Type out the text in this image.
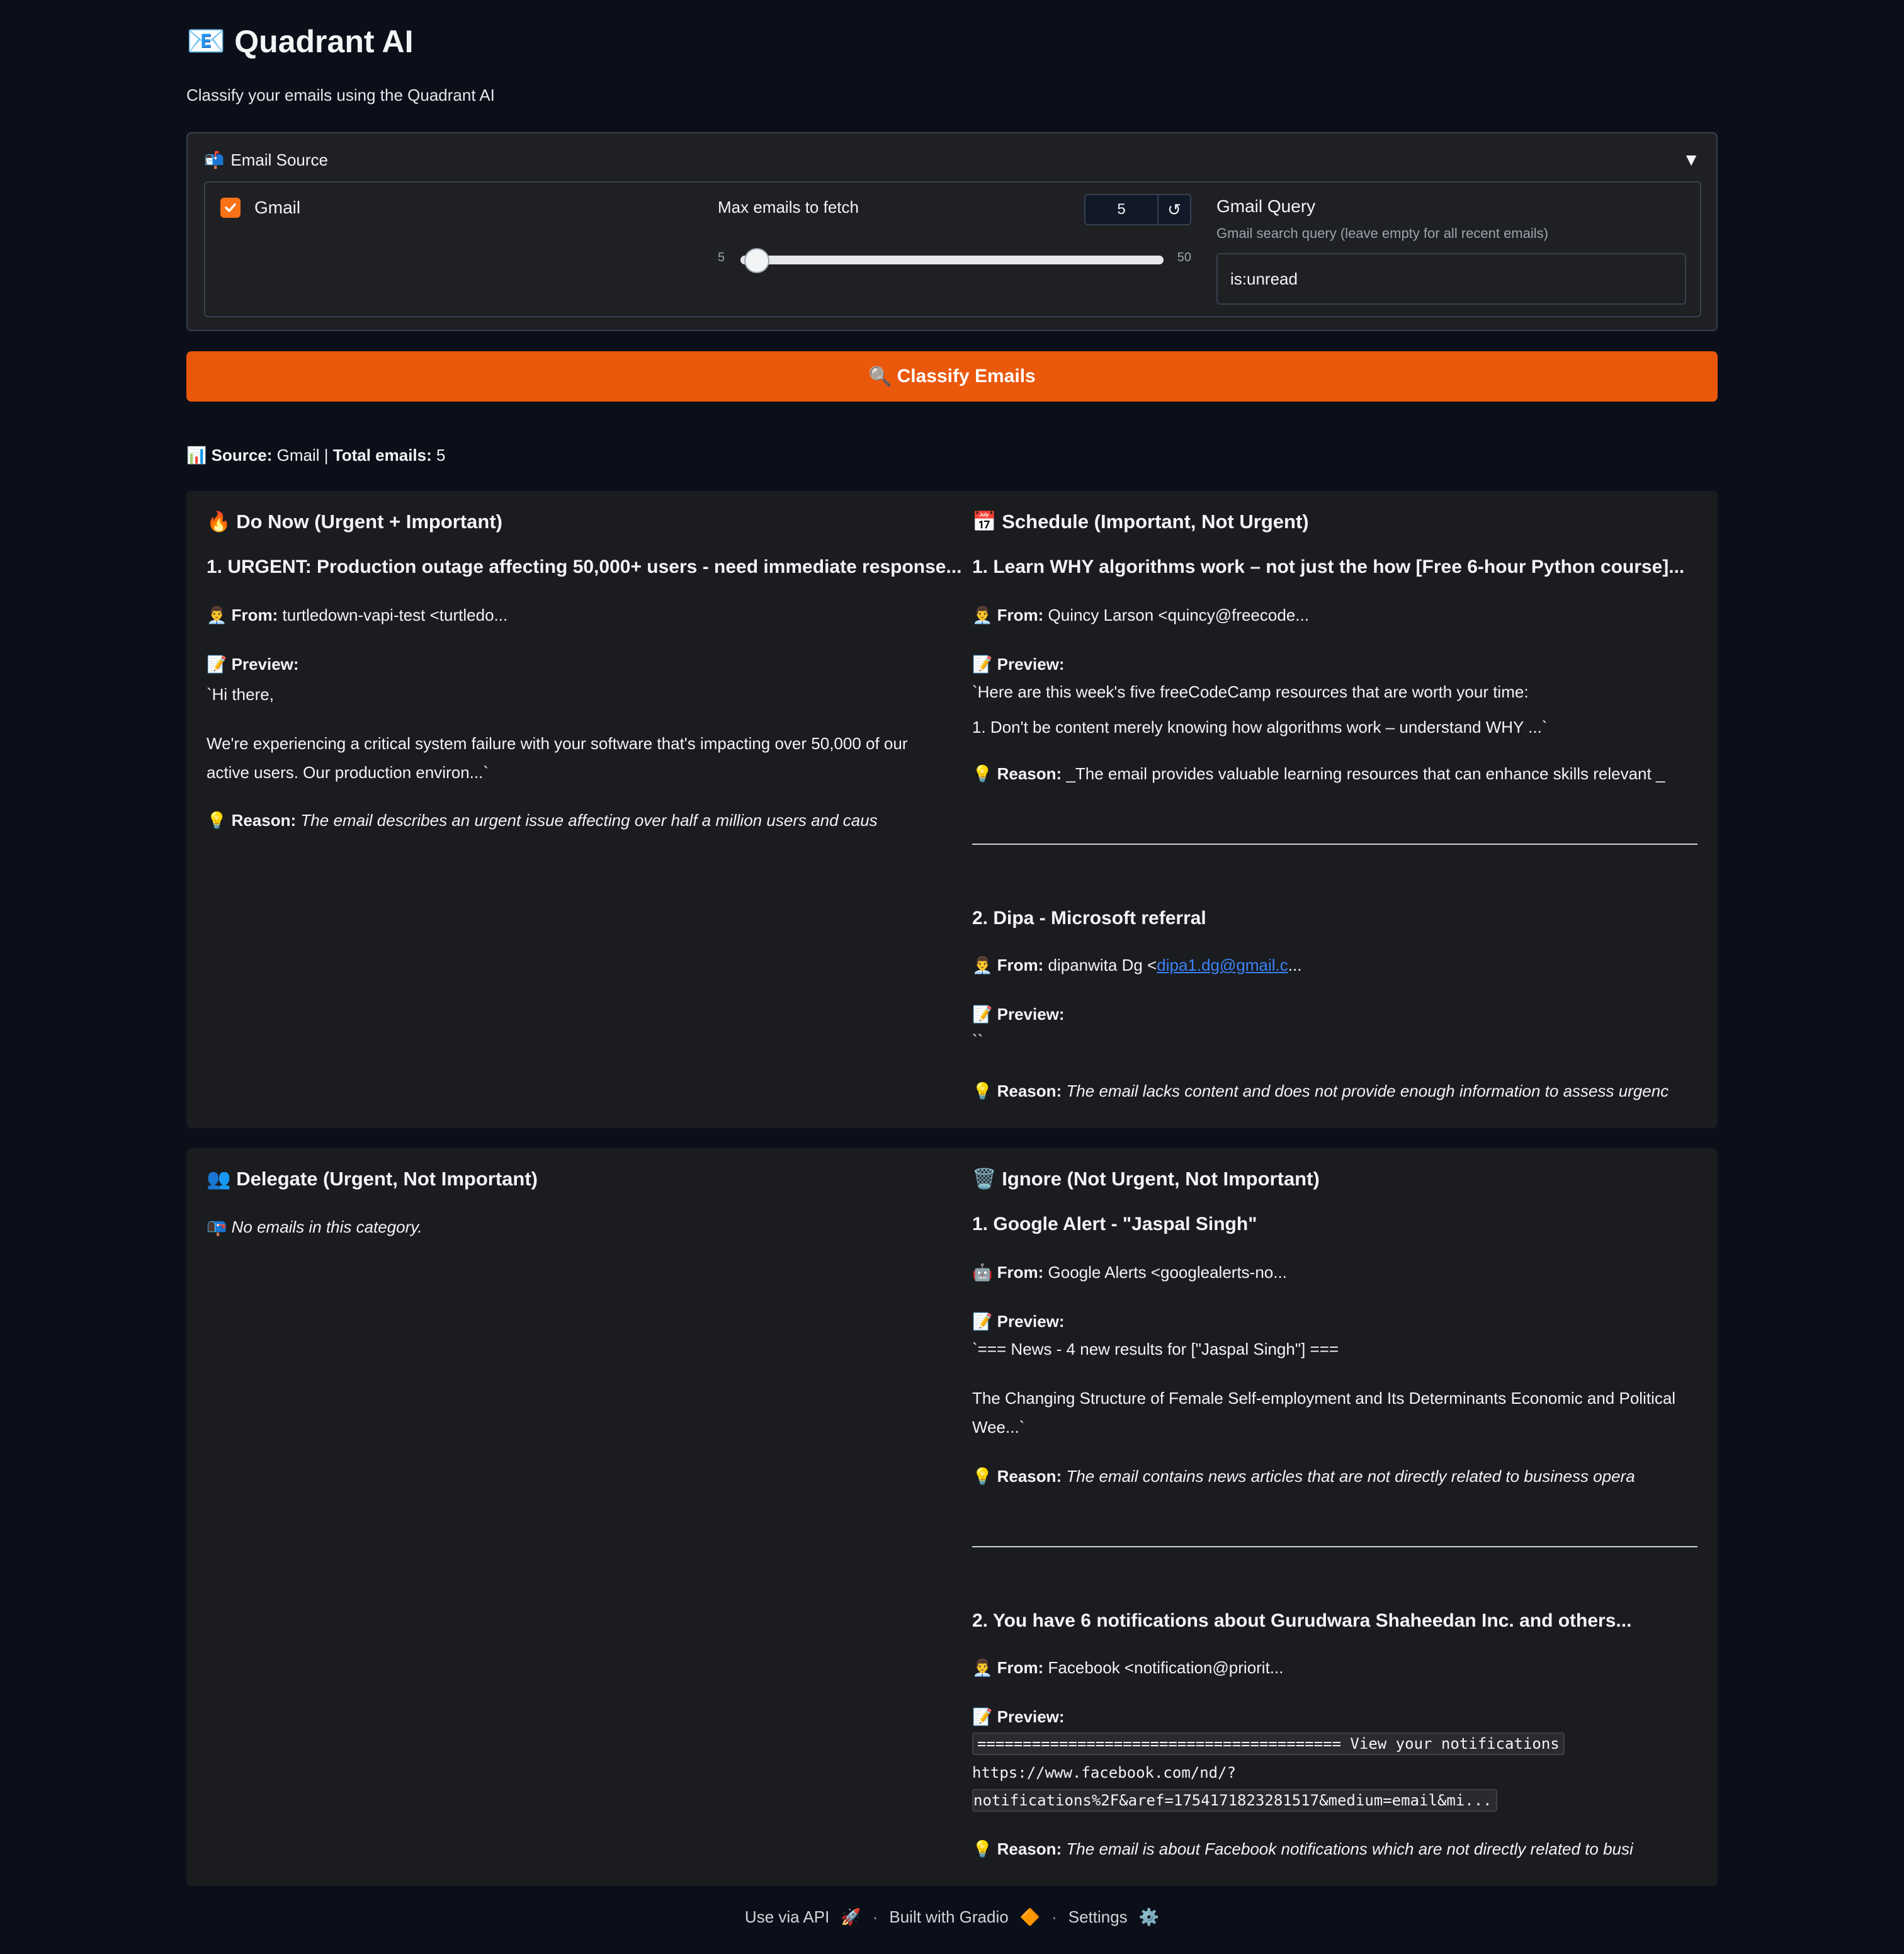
📧 Quadrant AI
Classify your emails using the Quadrant AI
📬 Email Source	▼
Gmail	Max emails to fetch	5	↺
5	50
Gmail Query
Gmail search query (leave empty for all recent emails)
is:unread
🔍 Classify Emails
📊 Source: Gmail | Total emails: 5
🔥 Do Now (Urgent + Important)
1. URGENT: Production outage affecting 50,000+ users - need immediate response...
👨‍💼 From: turtledown-vapi-test <turtledo...
📝 Preview:
`Hi there,
We're experiencing a critical system failure with your software that's impacting over 50,000 of our active users. Our production environ...`
💡 Reason: The email describes an urgent issue affecting over half a million users and caus
📅 Schedule (Important, Not Urgent)
1. Learn WHY algorithms work – not just the how [Free 6-hour Python course]...
👨‍💼 From: Quincy Larson <quincy@freecode...
📝 Preview:
`Here are this week's five freeCodeCamp resources that are worth your time:
1. Don't be content merely knowing how algorithms work – understand WHY ...`
💡 Reason: _The email provides valuable learning resources that can enhance skills relevant _
2. Dipa - Microsoft referral
👨‍💼 From: dipanwita Dg <dipa1.dg@gmail.c...
📝 Preview:
``
💡 Reason: The email lacks content and does not provide enough information to assess urgenc
👥 Delegate (Urgent, Not Important)
📭 No emails in this category.
🗑️ Ignore (Not Urgent, Not Important)
1. Google Alert - "Jaspal Singh"
🤖 From: Google Alerts <googlealerts-no...
📝 Preview:
`=== News - 4 new results for ["Jaspal Singh"] ===
The Changing Structure of Female Self-employment and Its Determinants Economic and Political Wee...`
💡 Reason: The email contains news articles that are not directly related to business opera
2. You have 6 notifications about Gurudwara Shaheedan Inc. and others...
👨‍💼 From: Facebook <notification@priorit...
📝 Preview:
======================================== View your notifications
https://www.facebook.com/nd/?
notifications%2F&aref=1754171823281517&medium=email&mi...
💡 Reason: The email is about Facebook notifications which are not directly related to busi
Use via API 🚀 · Built with Gradio 🔶 · Settings ⚙️
